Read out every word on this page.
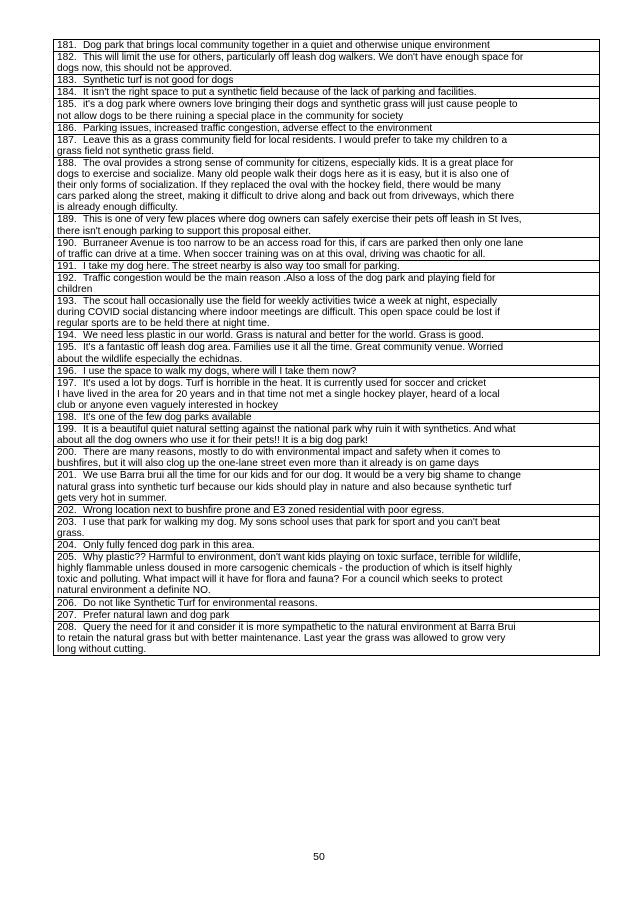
181. Dog park that brings local community together in a quiet and otherwise unique environment

182. This will limit the use for others, particularly off leash dog walkers. We don't have enough space for
dogs now, this should not be approved.

183. Synthetic turf is not good for dogs

184. It isn't the right space to put a synthetic field because of the lack of parking and facilities.

185. it's a dog park where owners love bringing their dogs and synthetic grass will just cause people to
not allow dogs to be there ruining a special place in the community for society

186. Parking issues, increased traffic congestion, adverse effect to the environment

187. Leave this as a grass community field for local residents. I would prefer to take my children to a
grass field not synthetic grass field.

188. The oval provides a strong sense of community for citizens, especially kids. It is a great place for
dogs to exercise and socialize. Many old people walk their dogs here as it is easy, but it is also one of
their only forms of socialization. If they replaced the oval with the hockey field, there would be many
cars parked along the street, making it difficult to drive along and back out from driveways, which there
is already enough difficulty.

189. This is one of very few places where dog owners can safely exercise their pets off leash in St Ives,
there isn't enough parking to support this proposal either.

190. Burraneer Avenue is too narrow to be an access road for this, if cars are parked then only one lane
of traffic can drive at a time. When soccer training was on at this oval, driving was chaotic for all.

191. I take my dog here. The street nearby is also way too small for parking.

192. Traffic congestion would be the main reason .Also a loss of the dog park and playing field for
children

193. The scout hall occasionally use the field for weekly activities twice a week at night, especially
during COVID social distancing where indoor meetings are difficult. This open space could be lost if
regular sports are to be held there at night time.

194. We need less plastic in our world. Grass is natural and better for the world. Grass is good.

195. It's a fantastic off leash dog area. Families use it all the time. Great community venue. Worried
about the wildlife especially the echidnas.

196. I use the space to walk my dogs, where will I take them now?

197. It's used a lot by dogs. Turf is horrible in the heat. It is currently used for soccer and cricket
I have lived in the area for 20 years and in that time not met a single hockey player, heard of a local
club or anyone even vaguely interested in hockey

198. It's one of the few dog parks available

199. It is a beautiful quiet natural setting against the national park why ruin it with synthetics. And what
about all the dog owners who use it for their pets!! It is a big dog park!

200. There are many reasons, mostly to do with environmental impact and safety when it comes to
bushfires, but it will also clog up the one-lane street even more than it already is on game days

201. We use Barra brui all the time for our kids and for our dog. It would be a very big shame to change
natural grass into synthetic turf because our kids should play in nature and also because synthetic turf
gets very hot in summer.

202. Wrong location next to bushfire prone and E3 zoned residential with poor egress.

203. I use that park for walking my dog. My sons school uses that park for sport and you can't beat
grass.

204. Only fully fenced dog park in this area.

205. Why plastic?? Harmful to environment, don't want kids playing on toxic surface, terrible for wildlife,
highly flammable unless doused in more carsogenic chemicals - the production of which is itself highly
toxic and polluting. What impact will it have for flora and fauna? For a council which seeks to protect
natural environment a definite NO.

206. Do not like Synthetic Turf for environmental reasons.

207. Prefer natural lawn and dog park

208. Query the need for it and consider it is more sympathetic to the natural environment at Barra Brui
to retain the natural grass but with better maintenance. Last year the grass was allowed to grow very
long without cutting.
50
